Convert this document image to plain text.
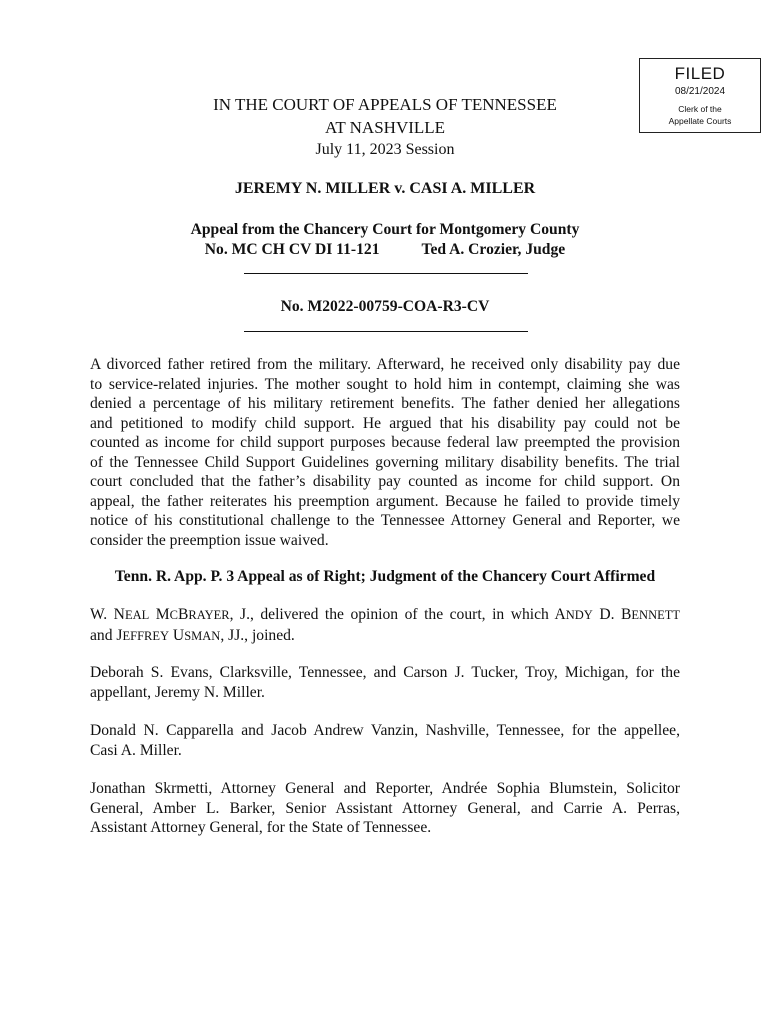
FILED
08/21/2024
Clerk of the
Appellate Courts
IN THE COURT OF APPEALS OF TENNESSEE
AT NASHVILLE
July 11, 2023 Session
JEREMY N. MILLER v. CASI A. MILLER
Appeal from the Chancery Court for Montgomery County
No. MC CH CV DI 11-121	Ted A. Crozier, Judge
No. M2022-00759-COA-R3-CV
A divorced father retired from the military. Afterward, he received only disability pay due
to service-related injuries. The mother sought to hold him in contempt, claiming she was
denied a percentage of his military retirement benefits. The father denied her allegations
and petitioned to modify child support. He argued that his disability pay could not be
counted as income for child support purposes because federal law preempted the provision
of the Tennessee Child Support Guidelines governing military disability benefits. The trial
court concluded that the father’s disability pay counted as income for child support. On
appeal, the father reiterates his preemption argument. Because he failed to provide timely
notice of his constitutional challenge to the Tennessee Attorney General and Reporter, we
consider the preemption issue waived.
Tenn. R. App. P. 3 Appeal as of Right; Judgment of the Chancery Court Affirmed
W. NEAL MCBRAYER, J., delivered the opinion of the court, in which ANDY D. BENNETT
and JEFFREY USMAN, JJ., joined.
Deborah S. Evans, Clarksville, Tennessee, and Carson J. Tucker, Troy, Michigan, for the
appellant, Jeremy N. Miller.
Donald N. Capparella and Jacob Andrew Vanzin, Nashville, Tennessee, for the appellee,
Casi A. Miller.
Jonathan Skrmetti, Attorney General and Reporter, Andrée Sophia Blumstein, Solicitor
General, Amber L. Barker, Senior Assistant Attorney General, and Carrie A. Perras,
Assistant Attorney General, for the State of Tennessee.
